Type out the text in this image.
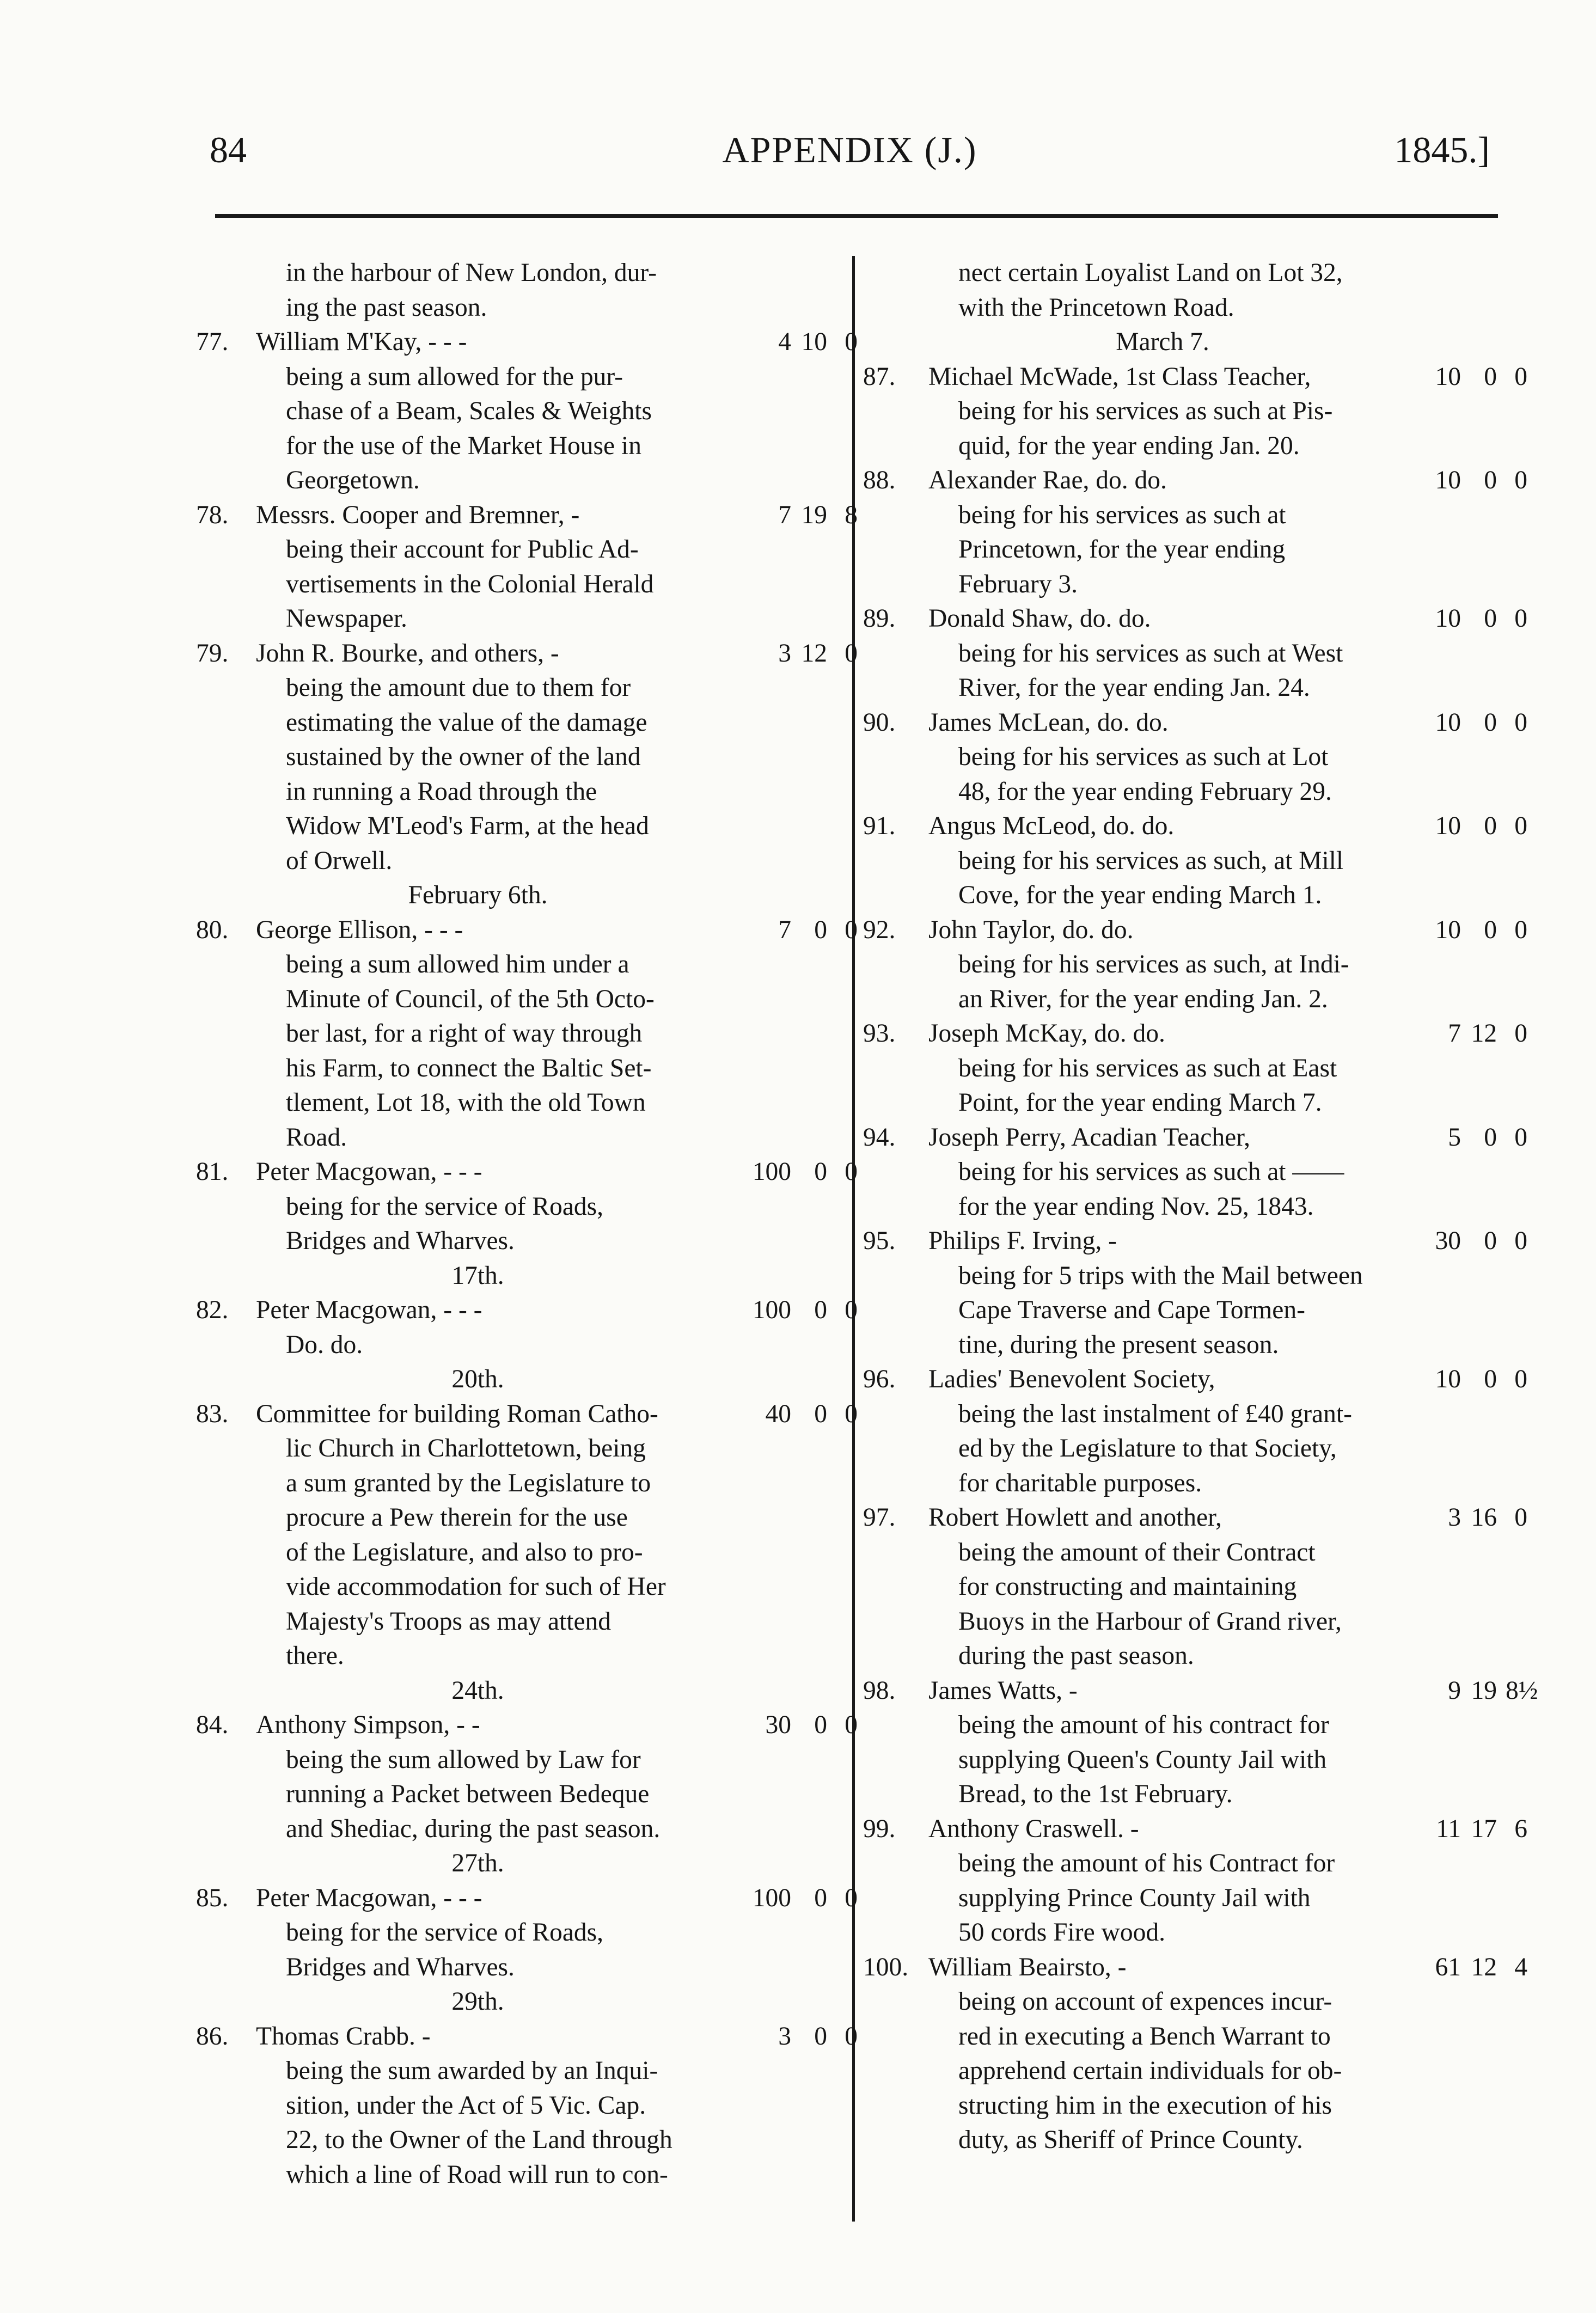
84	APPENDIX (J.)	1845.]
in the harbour of New London, dur-
ing the past season.
77. William M'Kay, - - -	4 10 0
being a sum allowed for the pur-
chase of a Beam, Scales & Weights
for the use of the Market House in
Georgetown.
78. Messrs. Cooper and Bremner, -	7 19 8
being their account for Public Ad-
vertisements in the Colonial Herald
Newspaper.
79. John R. Bourke, and others, -	3 12 0
being the amount due to them for
estimating the value of the damage
sustained by the owner of the land
in running a Road through the
Widow M'Leod's Farm, at the head
of Orwell.
February 6th.
80. George Ellison, - - -	7 0 0
being a sum allowed him under a
Minute of Council, of the 5th Octo-
ber last, for a right of way through
his Farm, to connect the Baltic Set-
tlement, Lot 18, with the old Town
Road.
81. Peter Macgowan, - - -	100 0 0
being for the service of Roads,
Bridges and Wharves.
17th.
82. Peter Macgowan, - - -	100 0 0
Do. do.
20th.
83. Committee for building Roman Catho-	40 0 0
lic Church in Charlottetown, being
a sum granted by the Legislature to
procure a Pew therein for the use
of the Legislature, and also to pro-
vide accommodation for such of Her
Majesty's Troops as may attend
there.
24th.
84. Anthony Simpson, - -	30 0 0
being the sum allowed by Law for
running a Packet between Bedeque
and Shediac, during the past season.
27th.
85. Peter Macgowan, - - -	100 0 0
being for the service of Roads,
Bridges and Wharves.
29th.
86. Thomas Crabb. -	3 0 0
being the sum awarded by an Inqui-
sition, under the Act of 5 Vic. Cap.
22, to the Owner of the Land through
which a line of Road will run to con-
nect certain Loyalist Land on Lot 32,
with the Princetown Road.
March 7.
87. Michael McWade, 1st Class Teacher,	10 0 0
being for his services as such at Pis-
quid, for the year ending Jan. 20.
88. Alexander Rae, do. do.	10 0 0
being for his services as such at
Princetown, for the year ending
February 3.
89. Donald Shaw, do. do.	10 0 0
being for his services as such at West
River, for the year ending Jan. 24.
90. James McLean, do. do.	10 0 0
being for his services as such at Lot
48, for the year ending February 29.
91. Angus McLeod, do. do.	10 0 0
being for his services as such, at Mill
Cove, for the year ending March 1.
92. John Taylor, do. do.	10 0 0
being for his services as such, at Indi-
an River, for the year ending Jan. 2.
93. Joseph McKay, do. do.	7 12 0
being for his services as such at East
Point, for the year ending March 7.
94. Joseph Perry, Acadian Teacher,	5 0 0
being for his services as such at ——
for the year ending Nov. 25, 1843.
95. Philips F. Irving, -	30 0 0
being for 5 trips with the Mail between
Cape Traverse and Cape Tormen-
tine, during the present season.
96. Ladies' Benevolent Society,	10 0 0
being the last instalment of £40 grant-
ed by the Legislature to that Society,
for charitable purposes.
97. Robert Howlett and another,	3 16 0
being the amount of their Contract
for constructing and maintaining
Buoys in the Harbour of Grand river,
during the past season.
98. James Watts, -	9 19 8½
being the amount of his contract for
supplying Queen's County Jail with
Bread, to the 1st February.
99. Anthony Craswell. -	11 17 6
being the amount of his Contract for
supplying Prince County Jail with
50 cords Fire wood.
100. William Beairsto, -	61 12 4
being on account of expences incur-
red in executing a Bench Warrant to
apprehend certain individuals for ob-
structing him in the execution of his
duty, as Sheriff of Prince County.
